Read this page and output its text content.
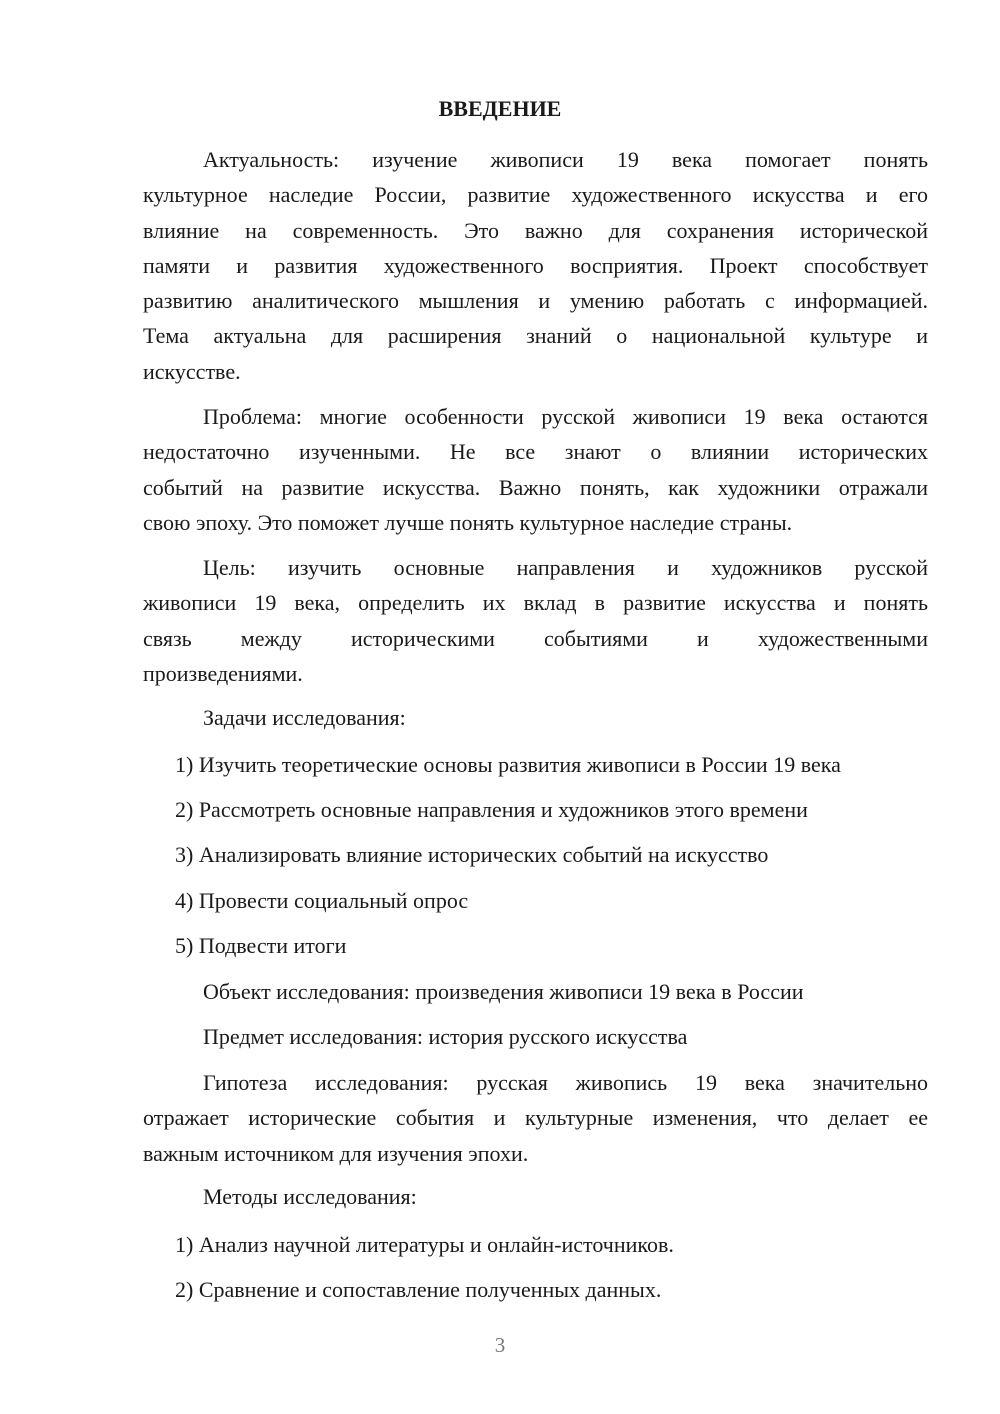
ВВЕДЕНИЕ
Актуальность: изучение живописи 19 века помогает понять
культурное наследие России, развитие художественного искусства и его
влияние на современность. Это важно для сохранения исторической
памяти и развития художественного восприятия. Проект способствует
развитию аналитического мышления и умению работать с информацией.
Тема актуальна для расширения знаний о национальной культуре и
искусстве.
Проблема: многие особенности русской живописи 19 века остаются
недостаточно изученными. Не все знают о влиянии исторических
событий на развитие искусства. Важно понять, как художники отражали
свою эпоху. Это поможет лучше понять культурное наследие страны.
Цель: изучить основные направления и художников русской
живописи 19 века, определить их вклад в развитие искусства и понять
связь между историческими событиями и художественными
произведениями.
Задачи исследования:
1) Изучить теоретические основы развития живописи в России 19 века
2) Рассмотреть основные направления и художников этого времени
3) Анализировать влияние исторических событий на искусство
4) Провести социальный опрос
5) Подвести итоги
Объект исследования: произведения живописи 19 века в России
Предмет исследования: история русского искусства
Гипотеза исследования: русская живопись 19 века значительно
отражает исторические события и культурные изменения, что делает ее
важным источником для изучения эпохи.
Методы исследования:
1) Анализ научной литературы и онлайн-источников.
2) Сравнение и сопоставление полученных данных.
3
